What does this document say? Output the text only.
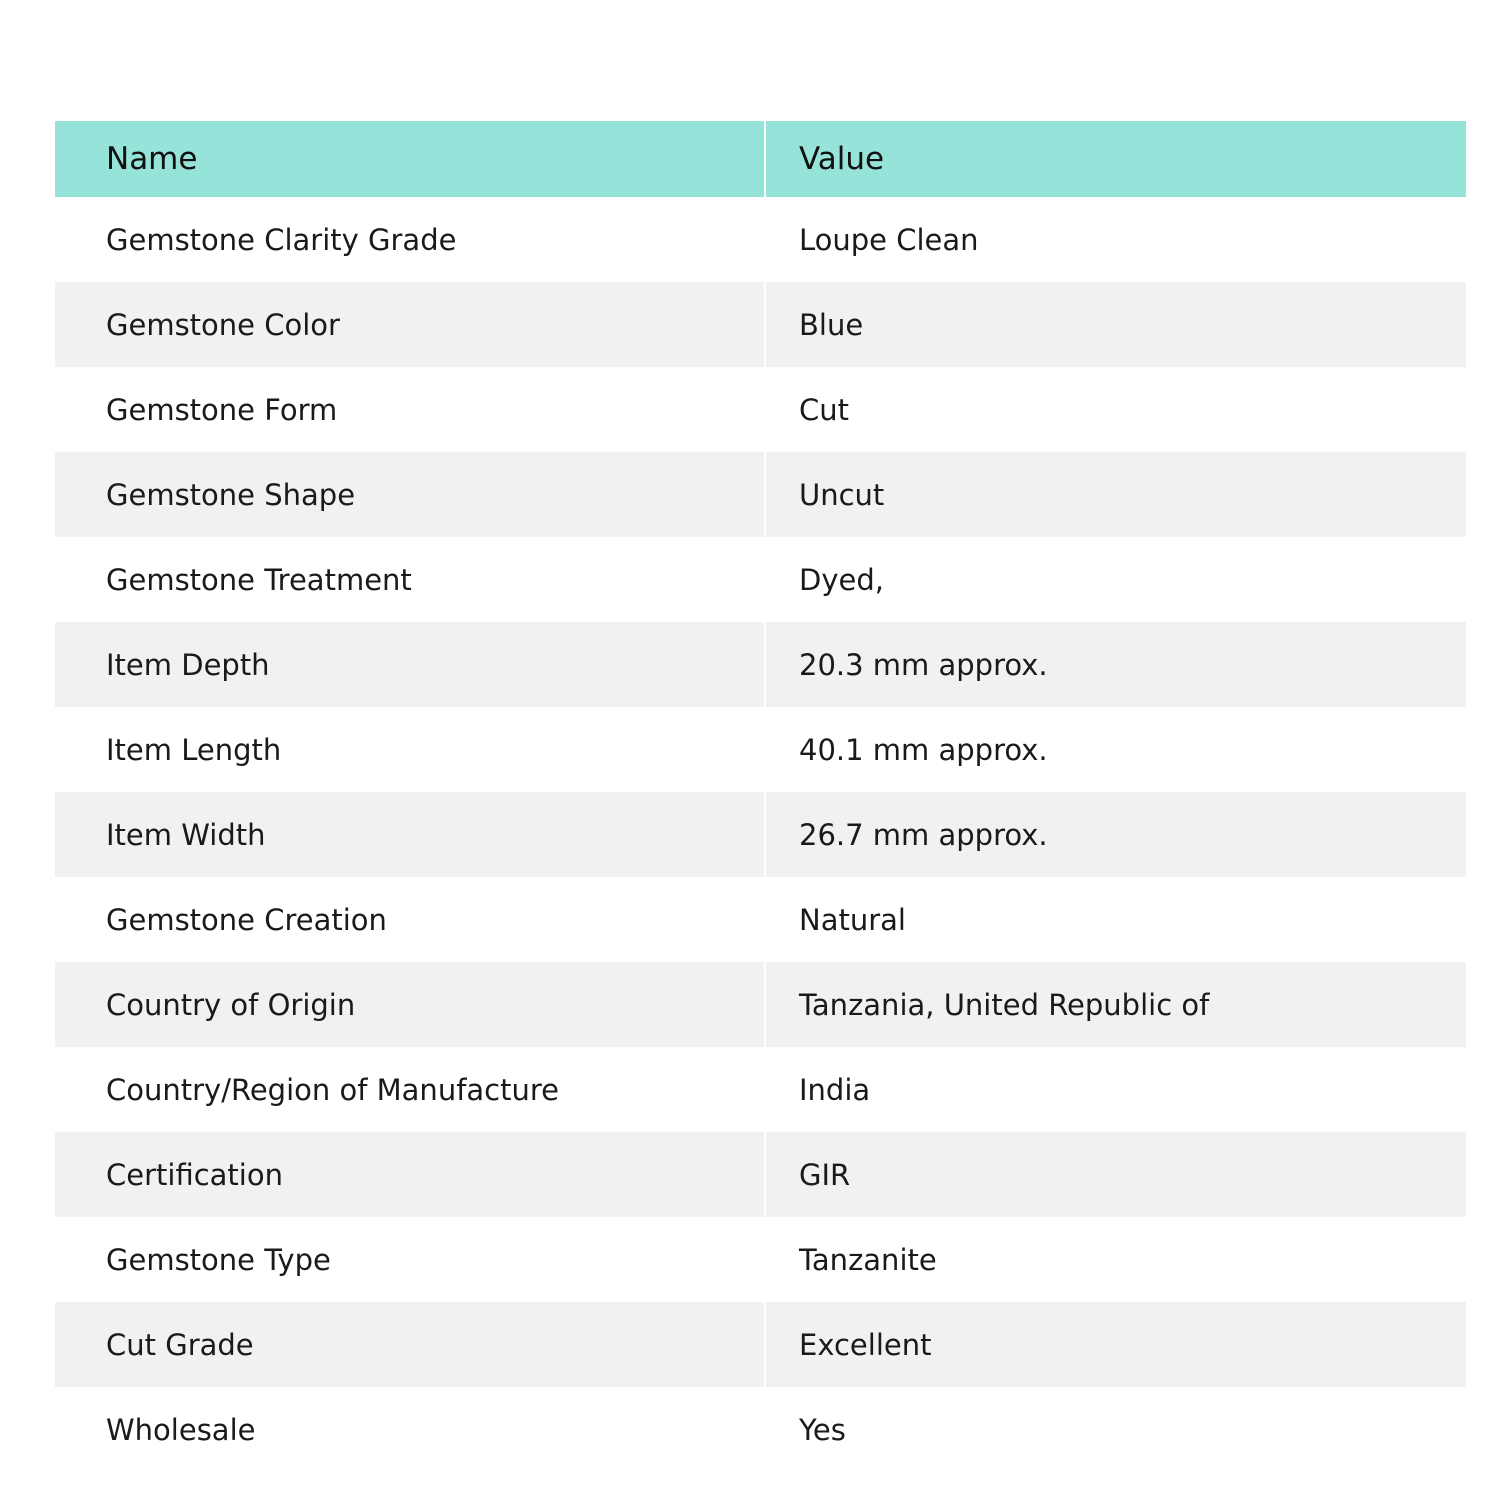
Name	Value
Gemstone Clarity Grade	Loupe Clean
Gemstone Color	Blue
Gemstone Form	Cut
Gemstone Shape	Uncut
Gemstone Treatment	Dyed,
Item Depth	20.3 mm approx.
Item Length	40.1 mm approx.
Item Width	26.7 mm approx.
Gemstone Creation	Natural
Country of Origin	Tanzania, United Republic of
Country/Region of Manufacture	India
Certification	GIR
Gemstone Type	Tanzanite
Cut Grade	Excellent
Wholesale	Yes
